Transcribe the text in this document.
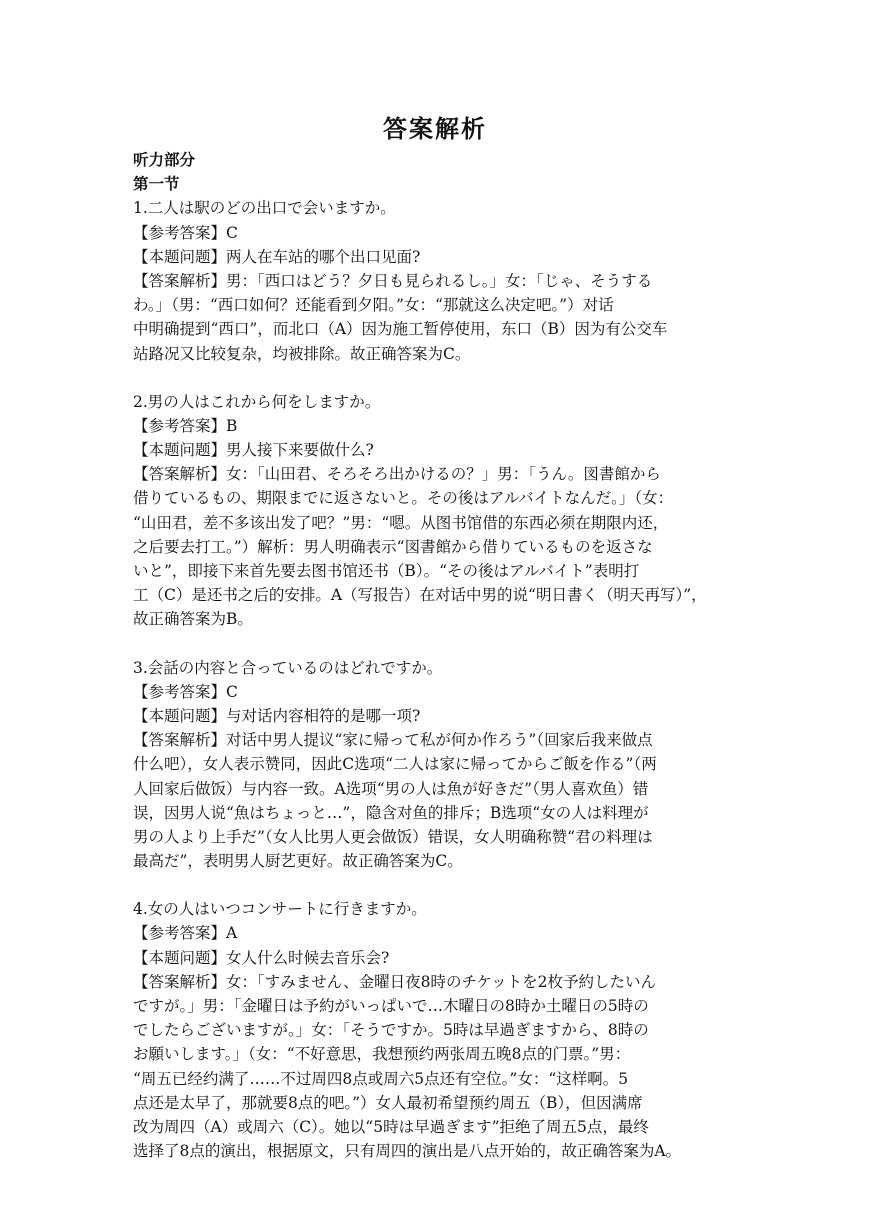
答案解析
听力部分
第一节
1.二人は駅のどの出口で会いますか。
【参考答案】C
【本题问题】两人在车站的哪个出口见面?
【答案解析】男：「西口はどう？夕日も見られるし。」女：「じゃ、そうする
わ。」（男：“西口如何？还能看到夕阳。”女：“那就这么决定吧。”）对话
中明确提到“西口”，而北口（A）因为施工暂停使用，东口（B）因为有公交车
站路况又比较复杂，均被排除。故正确答案为C。
2.男の人はこれから何をしますか。
【参考答案】B
【本题问题】男人接下来要做什么?
【答案解析】女：「山田君、そろそろ出かけるの？」男：「うん。図書館から
借りているもの、期限までに返さないと。その後はアルバイトなんだ。」（女：
“山田君，差不多该出发了吧？”男：“嗯。从图书馆借的东西必须在期限内还，
之后要去打工。”）解析：男人明确表示“図書館から借りているものを返さな
いと”，即接下来首先要去图书馆还书（B）。“その後はアルバイト”表明打
工（C）是还书之后的安排。A（写报告）在对话中男的说“明日書く（明天再写）”，
故正确答案为B。
3.会話の内容と合っているのはどれですか。
【参考答案】C
【本题问题】与对话内容相符的是哪一项?
【答案解析】对话中男人提议“家に帰って私が何か作ろう”（回家后我来做点
什么吧），女人表示赞同，因此C选项“二人は家に帰ってからご飯を作る”（两
人回家后做饭）与内容一致。A选项“男の人は魚が好きだ”（男人喜欢鱼）错
误，因男人说“魚はちょっと…”，隐含对鱼的排斥；B选项“女の人は料理が
男の人より上手だ”（女人比男人更会做饭）错误，女人明确称赞“君の料理は
最高だ”，表明男人厨艺更好。故正确答案为C。
4.女の人はいつコンサートに行きますか。
【参考答案】A
【本题问题】女人什么时候去音乐会?
【答案解析】女：「すみません、金曜日夜8時のチケットを2枚予約したいん
ですが。」男：「金曜日は予約がいっぱいで…木曜日の8時か土曜日の5時の
でしたらございますが。」女：「そうですか。5時は早過ぎますから、8時の
お願いします。」（女：“不好意思，我想预约两张周五晚8点的门票。”男：
“周五已经约满了……不过周四8点或周六5点还有空位。”女：“这样啊。5
点还是太早了，那就要8点的吧。”）女人最初希望预约周五（B），但因满席
改为周四（A）或周六（C）。她以“5時は早過ぎます”拒绝了周五5点，最终
选择了8点的演出，根据原文，只有周四的演出是八点开始的，故正确答案为A。
